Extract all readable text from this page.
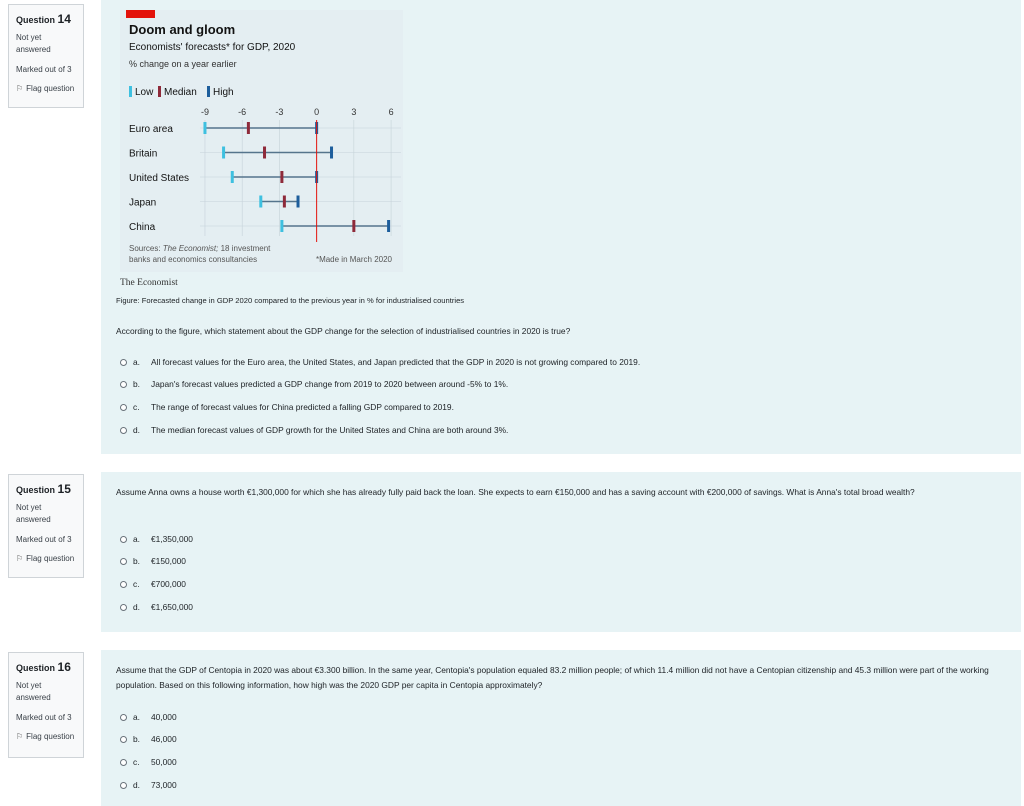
Question 14
Not yet answered
Marked out of 3
⚐ Flag question
Doom and gloom
Economists' forecasts* for GDP, 2020
% change on a year earlier
Low Median High
-9	-6	-3	0	3	6
Euro area
Britain
United States
Japan
China
Sources: The Economist; 18 investment
banks and economics consultancies	*Made in March 2020
The Economist
Figure: Forecasted change in GDP 2020 compared to the previous year in % for industrialised countries
According to the figure, which statement about the GDP change for the selection of industrialised countries in 2020 is true?
a.	All forecast values for the Euro area, the United States, and Japan predicted that the GDP in 2020 is not growing compared to 2019.
b.	Japan's forecast values predicted a GDP change from 2019 to 2020 between around -5% to 1%.
c.	The range of forecast values for China predicted a falling GDP compared to 2019.
d.	The median forecast values of GDP growth for the United States and China are both around 3%.
Question 15
Not yet answered
Marked out of 3
⚐ Flag question
Assume Anna owns a house worth €1,300,000 for which she has already fully paid back the loan. She expects to earn €150,000 and has a saving account with €200,000 of savings. What is Anna's total broad wealth?
a.	€1,350,000
b.	€150,000
c.	€700,000
d.	€1,650,000
Question 16
Not yet answered
Marked out of 3
⚐ Flag question
Assume that the GDP of Centopia in 2020 was about €3.300 billion. In the same year, Centopia's population equaled 83.2 million people; of which 11.4 million did not have a Centopian citizenship and 45.3 million were part of the working population. Based on this following information, how high was the 2020 GDP per capita in Centopia approximately?
a.	40,000
b.	46,000
c.	50,000
d.	73,000
